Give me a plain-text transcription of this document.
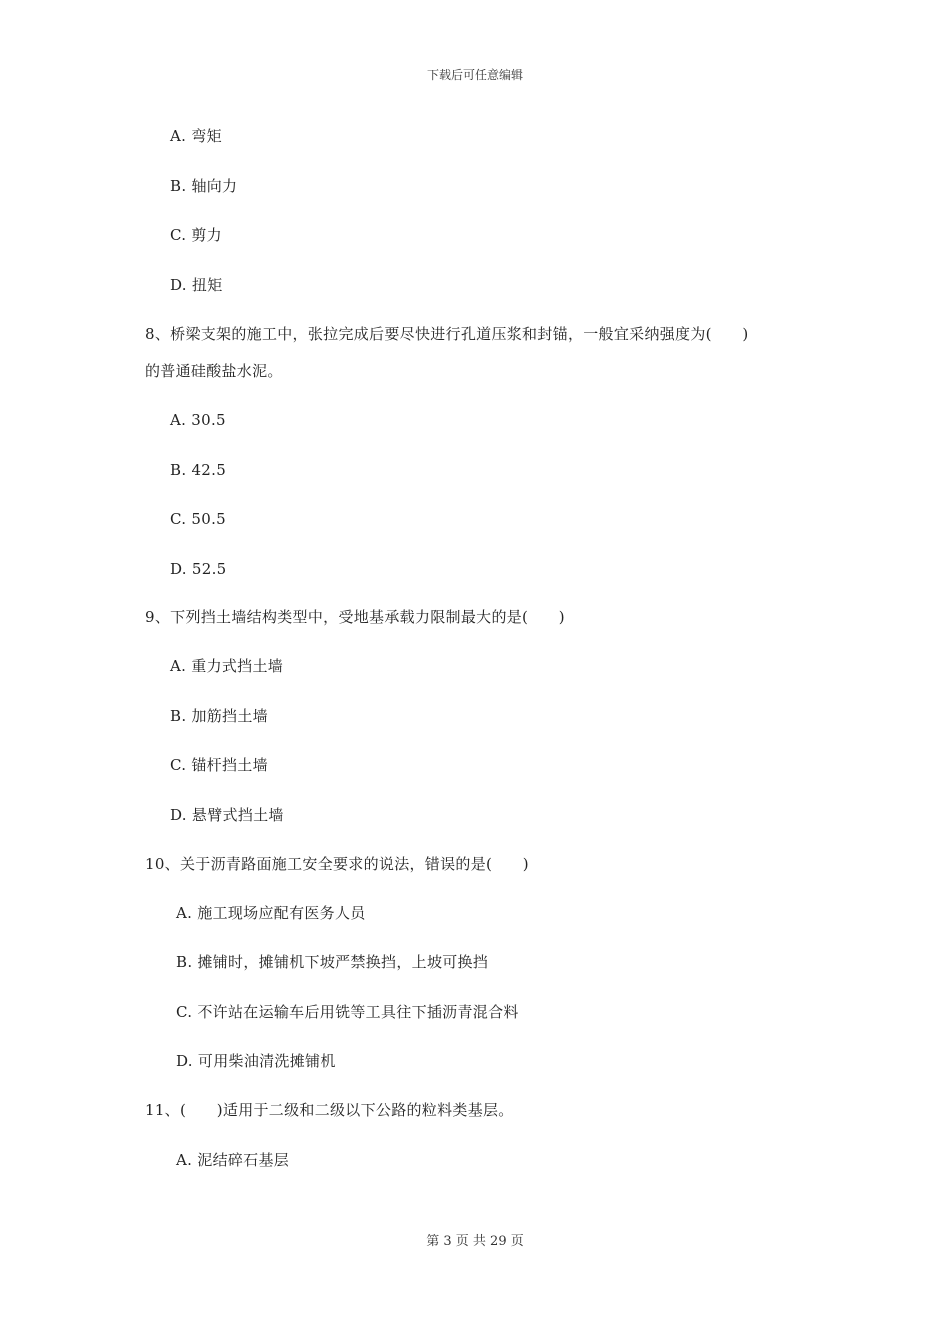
下载后可任意编辑
A. 弯矩
B. 轴向力
C. 剪力
D. 扭矩
8、桥梁支架的施工中，张拉完成后要尽快进行孔道压浆和封锚，一般宜采纳强度为(　　)
的普通硅酸盐水泥。
A. 30.5
B. 42.5
C. 50.5
D. 52.5
9、下列挡土墙结构类型中，受地基承载力限制最大的是(　　)
A. 重力式挡土墙
B. 加筋挡土墙
C. 锚杆挡土墙
D. 悬臂式挡土墙
10、关于沥青路面施工安全要求的说法，错误的是(　　)
A. 施工现场应配有医务人员
B. 摊铺时，摊铺机下坡严禁换挡，上坡可换挡
C. 不许站在运输车后用铣等工具往下插沥青混合料
D. 可用柴油清洗摊铺机
11、(　　)适用于二级和二级以下公路的粒料类基层。
A. 泥结碎石基层
第 3 页 共 29 页
